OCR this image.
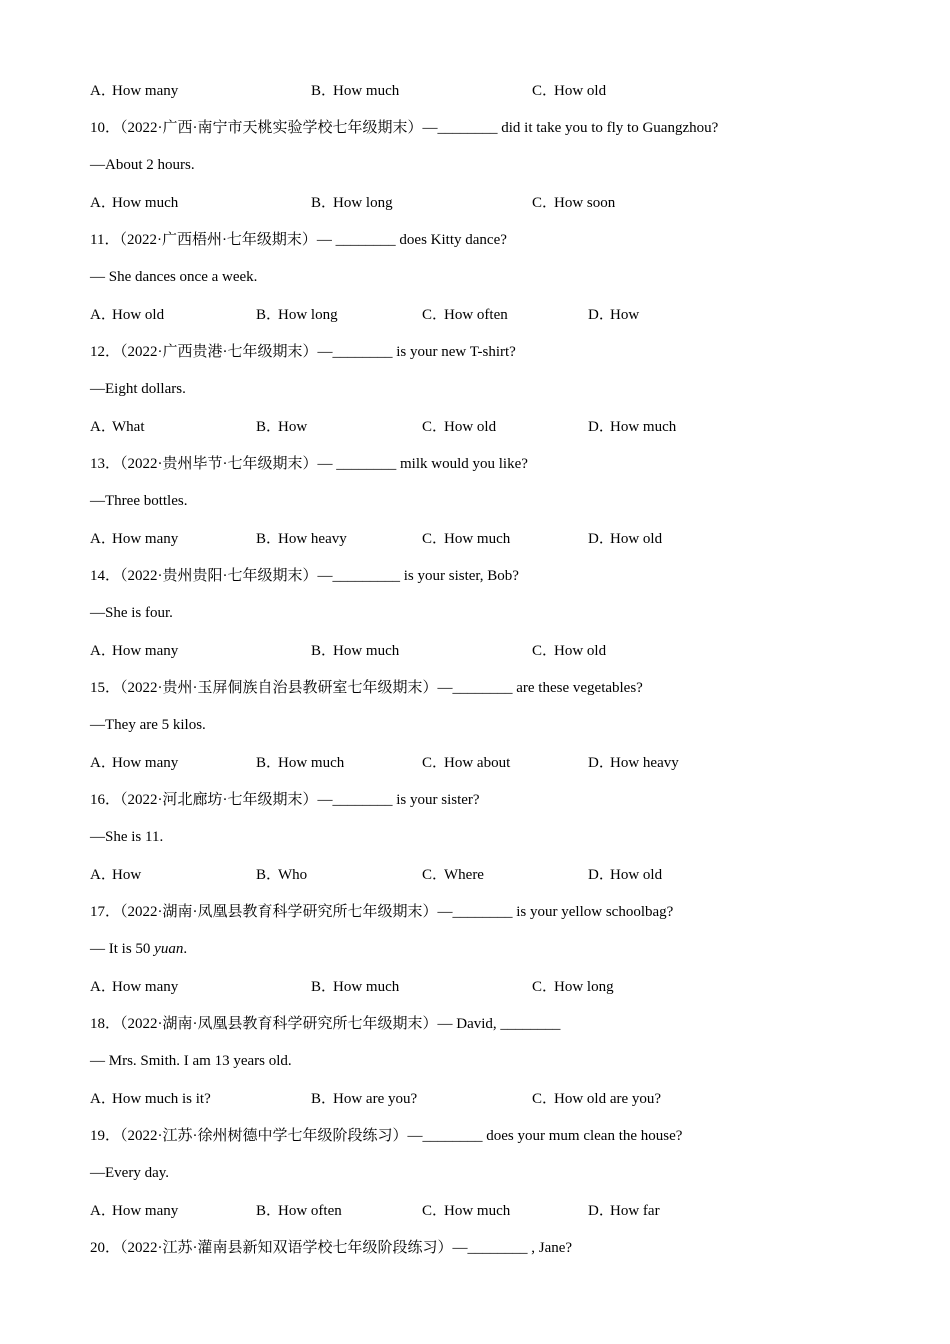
A．How many	B．How much	C．How old
10．（2022·广西·南宁市天桃实验学校七年级期末）—________ did it take you to fly to Guangzhou?
—About 2 hours.
A．How much	B．How long	C．How soon
11．（2022·广西梧州·七年级期末）— ________ does Kitty dance?
— She dances once a week.
A．How old	B．How long	C．How often	D．How
12．（2022·广西贵港·七年级期末）—________ is your new T-shirt?
—Eight dollars.
A．What	B．How	C．How old	D．How much
13．（2022·贵州毕节·七年级期末）— ________ milk would you like?
—Three bottles.
A．How many	B．How heavy	C．How much	D．How old
14．（2022·贵州贵阳·七年级期末）—_________ is your sister, Bob?
—She is four.
A．How many	B．How much	C．How old
15．（2022·贵州·玉屏侗族自治县教研室七年级期末）—________ are these vegetables?
—They are 5 kilos.
A．How many	B．How much	C．How about	D．How heavy
16．（2022·河北廊坊·七年级期末）—________ is your sister?
—She is 11.
A．How	B．Who	C．Where	D．How old
17．（2022·湖南·凤凰县教育科学研究所七年级期末）—________ is your yellow schoolbag?
— It is 50 yuan.
A．How many	B．How much	C．How long
18．（2022·湖南·凤凰县教育科学研究所七年级期末）— David, ________
— Mrs. Smith. I am 13 years old.
A．How much is it?	B．How are you?	C．How old are you?
19．（2022·江苏·徐州树德中学七年级阶段练习）—________ does your mum clean the house?
—Every day.
A．How many	B．How often	C．How much	D．How far
20．（2022·江苏·灌南县新知双语学校七年级阶段练习）—________ , Jane?
